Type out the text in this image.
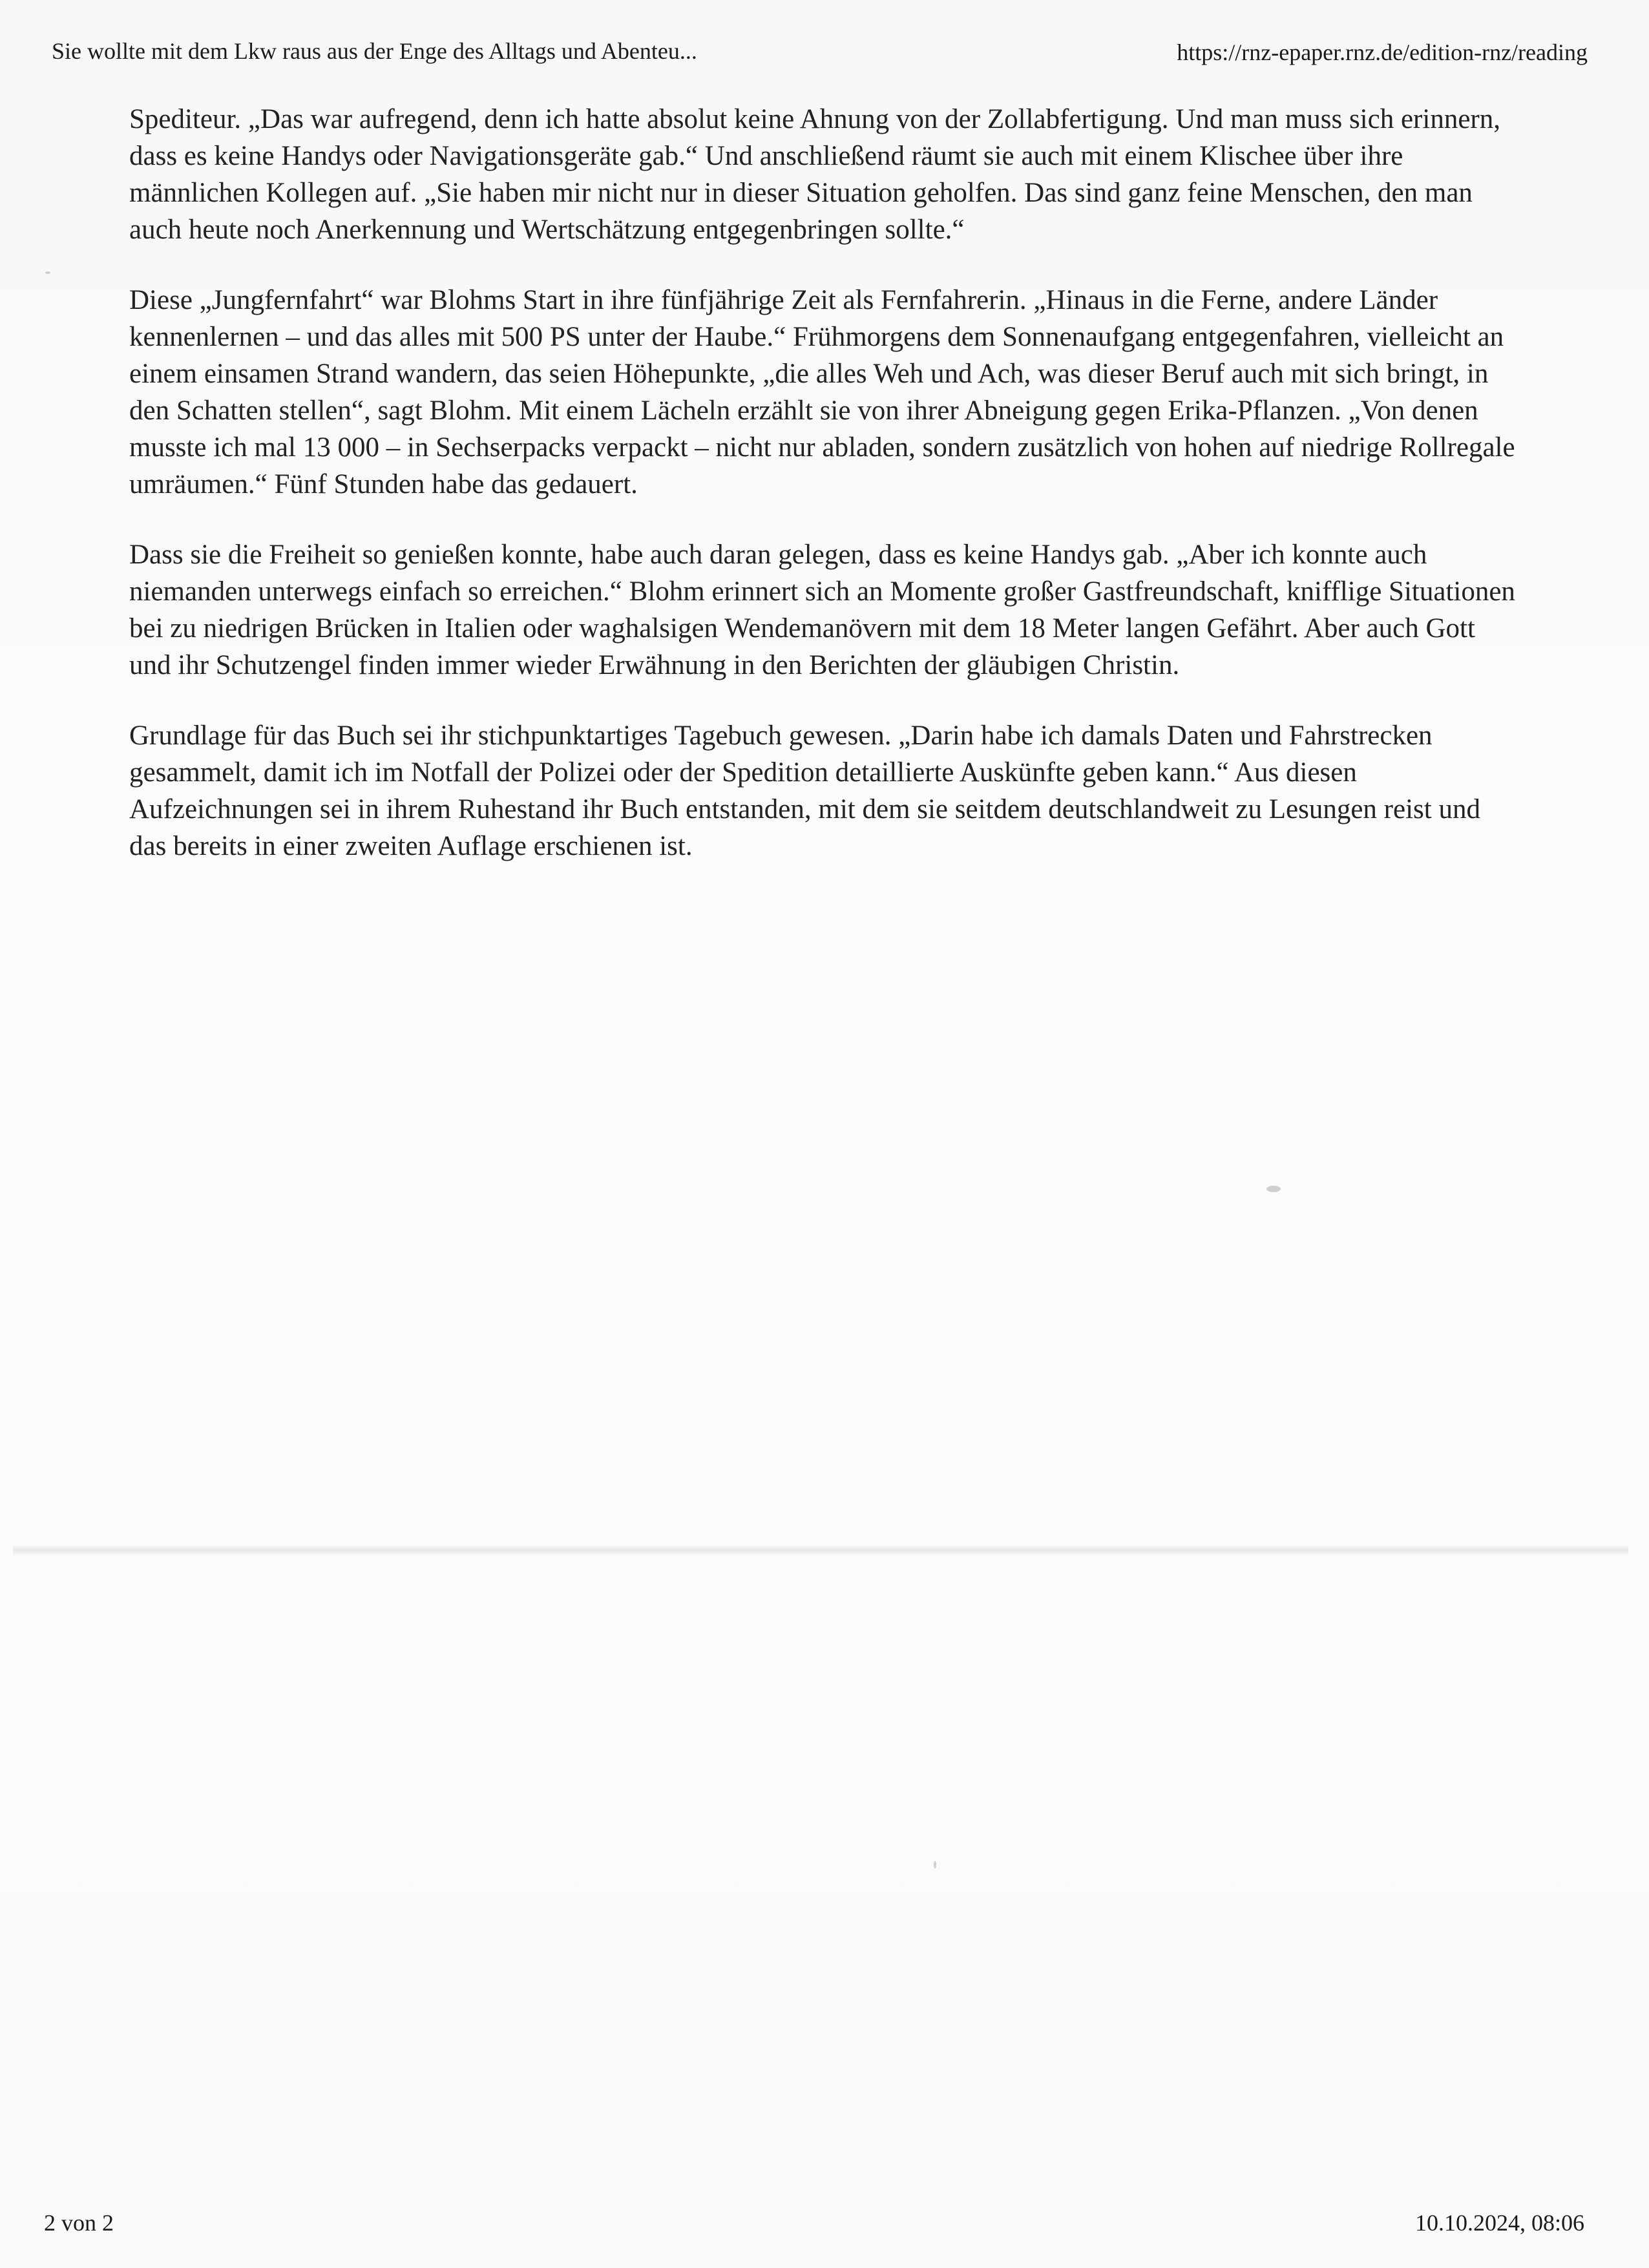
Sie wollte mit dem Lkw raus aus der Enge des Alltags und Abenteu...	https://rnz-epaper.rnz.de/edition-rnz/reading

Spediteur. „Das war aufregend, denn ich hatte absolut keine Ahnung von der Zollabfertigung. Und man muss sich erinnern, dass es keine Handys oder Navigationsgeräte gab.“ Und anschließend räumt sie auch mit einem Klischee über ihre männlichen Kollegen auf. „Sie haben mir nicht nur in dieser Situation geholfen. Das sind ganz feine Menschen, den man auch heute noch Anerkennung und Wertschätzung entgegenbringen sollte.“

Diese „Jungfernfahrt“ war Blohms Start in ihre fünfjährige Zeit als Fernfahrerin. „Hinaus in die Ferne, andere Länder kennenlernen – und das alles mit 500 PS unter der Haube.“ Frühmorgens dem Sonnenaufgang entgegenfahren, vielleicht an einem einsamen Strand wandern, das seien Höhepunkte, „die alles Weh und Ach, was dieser Beruf auch mit sich bringt, in den Schatten stellen“, sagt Blohm. Mit einem Lächeln erzählt sie von ihrer Abneigung gegen Erika-Pflanzen. „Von denen musste ich mal 13 000 – in Sechserpacks verpackt – nicht nur abladen, sondern zusätzlich von hohen auf niedrige Rollregale umräumen.“ Fünf Stunden habe das gedauert.

Dass sie die Freiheit so genießen konnte, habe auch daran gelegen, dass es keine Handys gab. „Aber ich konnte auch niemanden unterwegs einfach so erreichen.“ Blohm erinnert sich an Momente großer Gastfreundschaft, knifflige Situationen bei zu niedrigen Brücken in Italien oder waghalsigen Wendemanövern mit dem 18 Meter langen Gefährt. Aber auch Gott und ihr Schutzengel finden immer wieder Erwähnung in den Berichten der gläubigen Christin.

Grundlage für das Buch sei ihr stichpunktartiges Tagebuch gewesen. „Darin habe ich damals Daten und Fahrstrecken gesammelt, damit ich im Notfall der Polizei oder der Spedition detaillierte Auskünfte geben kann.“ Aus diesen Aufzeichnungen sei in ihrem Ruhestand ihr Buch entstanden, mit dem sie seitdem deutschlandweit zu Lesungen reist und das bereits in einer zweiten Auflage erschienen ist.

2 von 2	10.10.2024, 08:06
